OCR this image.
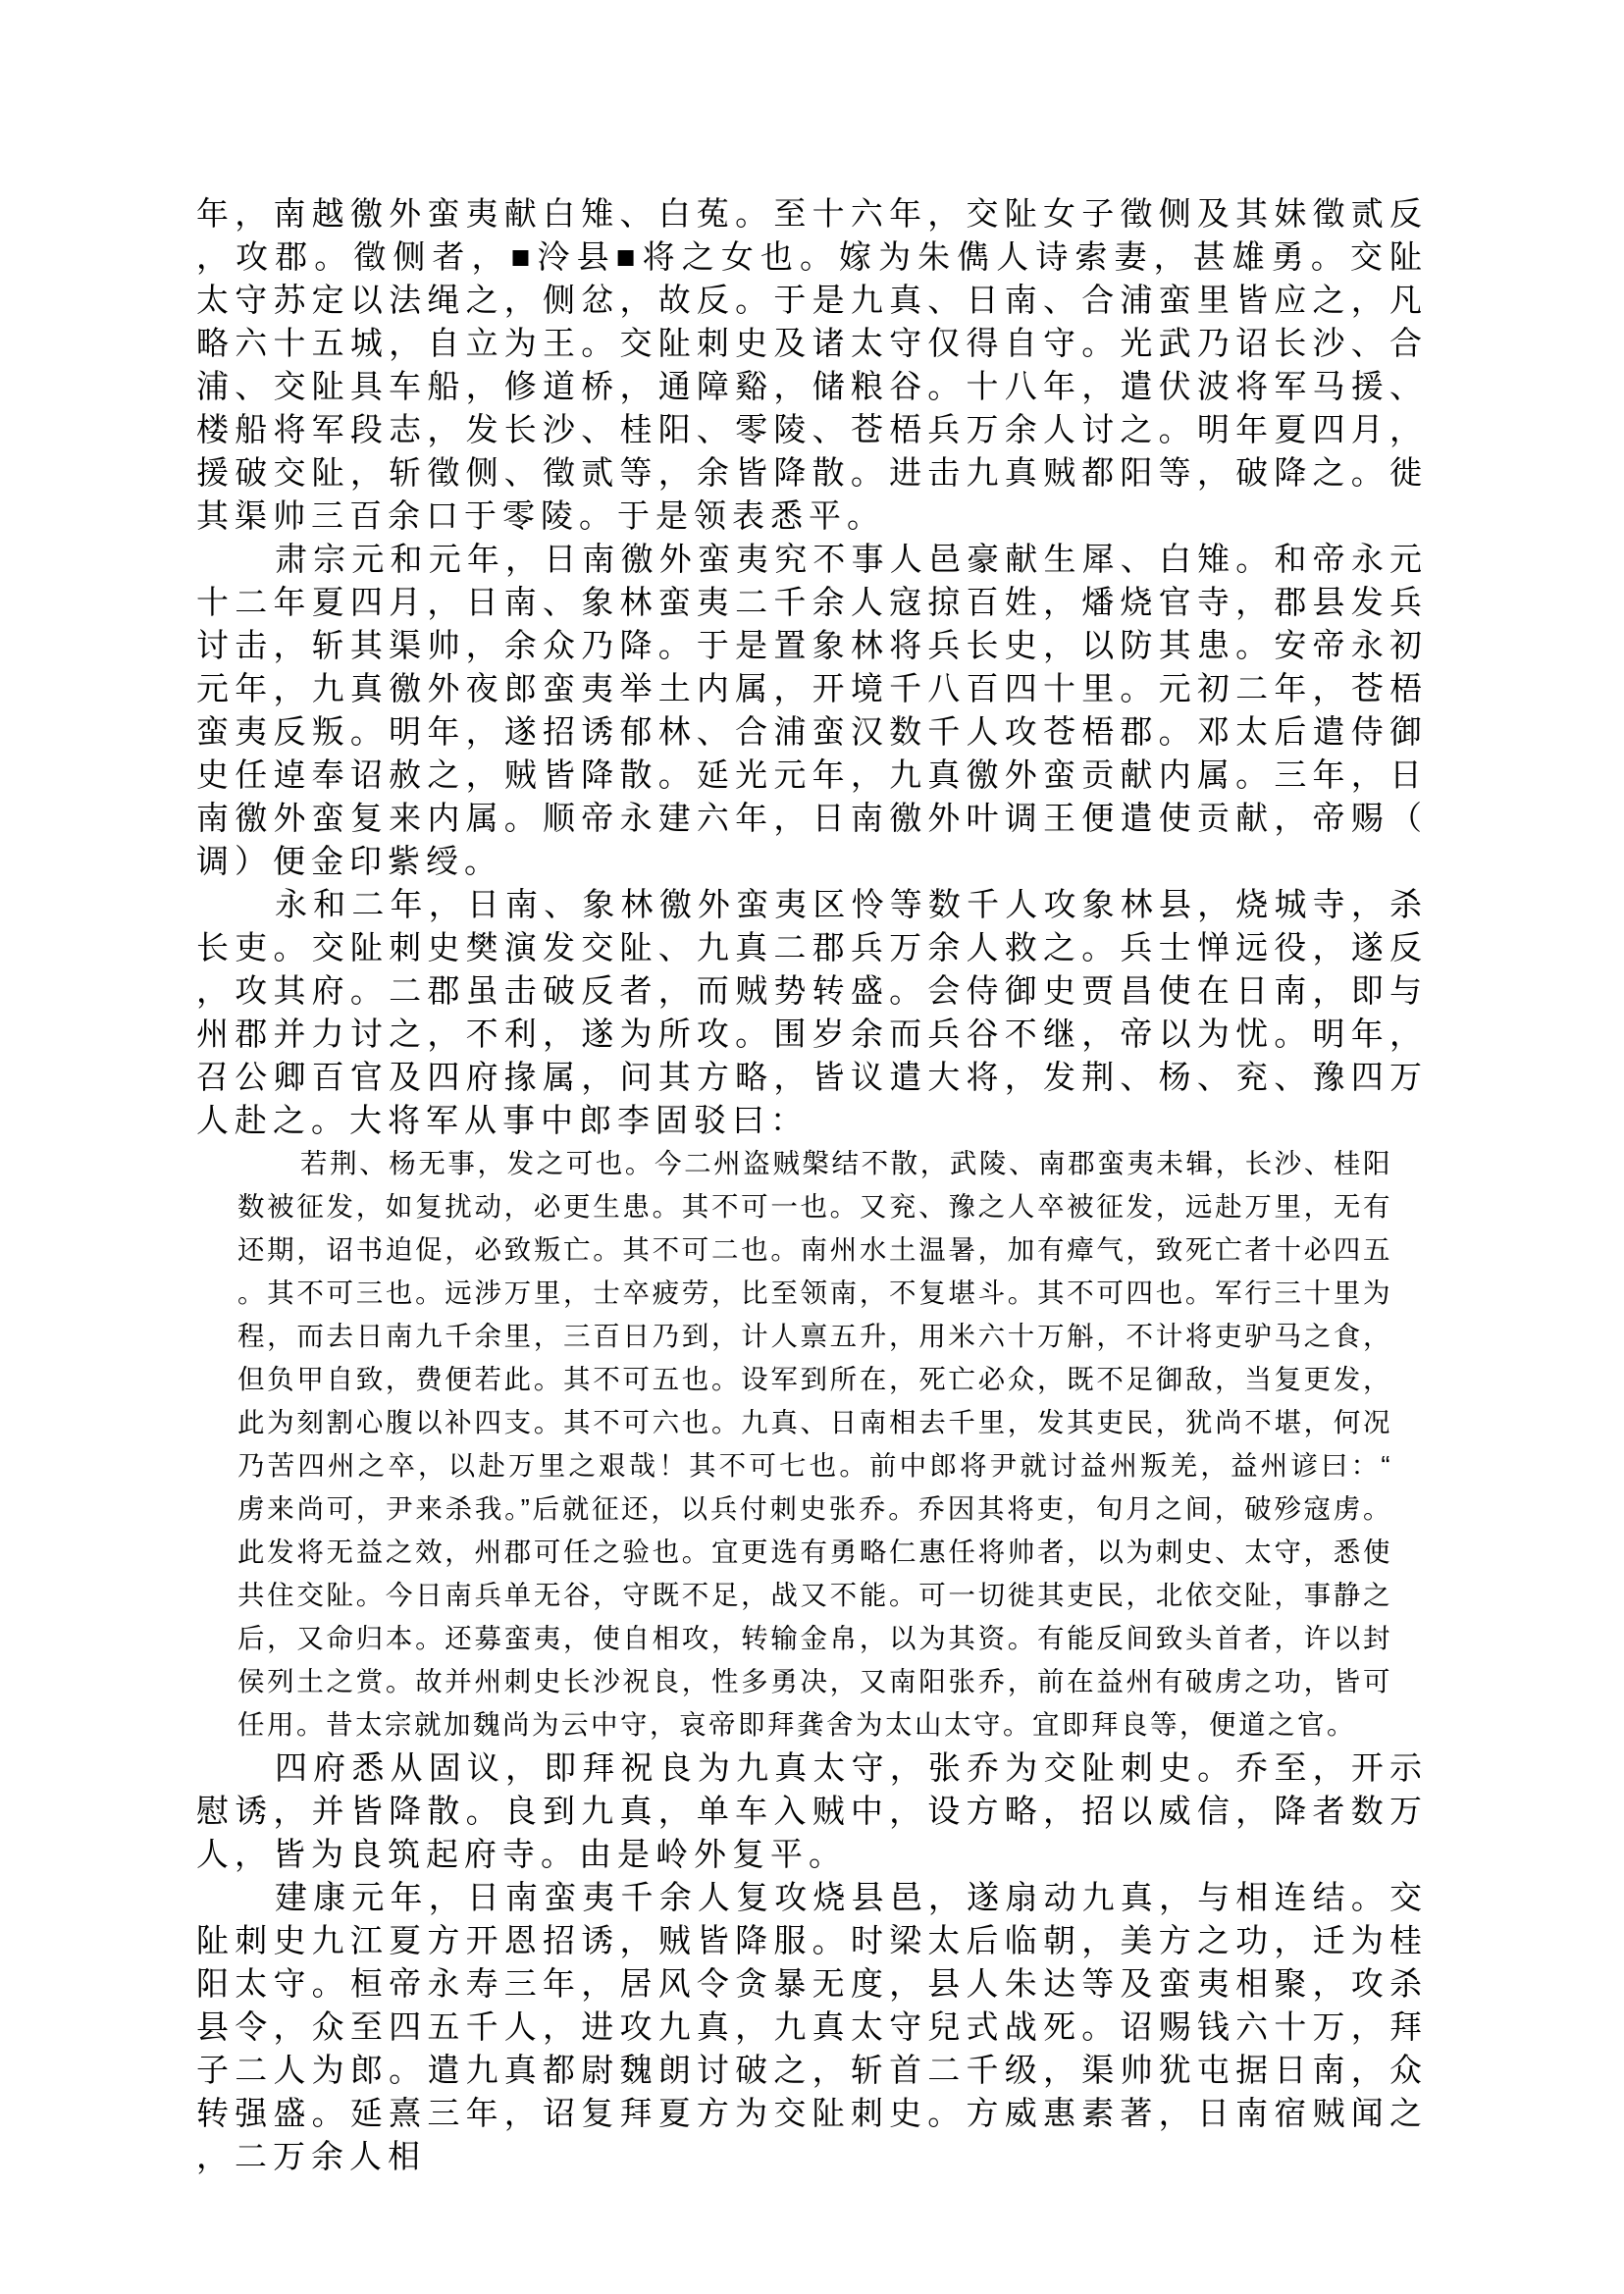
年，南越徼外蛮夷献白雉、白菟。至十六年，交阯女子徵侧及其妹徵贰反，攻郡。徵侧者，■泠县■将之女也。嫁为朱儁人诗索妻，甚雄勇。交阯太守苏定以法绳之，侧忿，故反。于是九真、日南、合浦蛮里皆应之，凡略六十五城，自立为王。交阯刺史及诸太守仅得自守。光武乃诏长沙、合浦、交阯具车船，修道桥，通障谿，储粮谷。十八年，遣伏波将军马援、楼船将军段志，发长沙、桂阳、零陵、苍梧兵万余人讨之。明年夏四月，援破交阯，斩徵侧、徵贰等，余皆降散。进击九真贼都阳等，破降之。徙其渠帅三百余口于零陵。于是领表悉平。

肃宗元和元年，日南徼外蛮夷究不事人邑豪献生犀、白雉。和帝永元十二年夏四月，日南、象林蛮夷二千余人寇掠百姓，燔烧官寺，郡县发兵讨击，斩其渠帅，余众乃降。于是置象林将兵长史，以防其患。安帝永初元年，九真徼外夜郎蛮夷举土内属，开境千八百四十里。元初二年，苍梧蛮夷反叛。明年，遂招诱郁林、合浦蛮汉数千人攻苍梧郡。邓太后遣侍御史任逴奉诏赦之，贼皆降散。延光元年，九真徼外蛮贡献内属。三年，日南徼外蛮复来内属。顺帝永建六年，日南徼外叶调王便遣使贡献，帝赐（调）便金印紫绶。

永和二年，日南、象林徼外蛮夷区怜等数千人攻象林县，烧城寺，杀长吏。交阯刺史樊演发交阯、九真二郡兵万余人救之。兵士惮远役，遂反，攻其府。二郡虽击破反者，而贼势转盛。会侍御史贾昌使在日南，即与州郡并力讨之，不利，遂为所攻。围岁余而兵谷不继，帝以为忧。明年，召公卿百官及四府掾属，问其方略，皆议遣大将，发荆、杨、兖、豫四万人赴之。大将军从事中郎李固驳曰：

若荆、杨无事，发之可也。今二州盗贼槃结不散，武陵、南郡蛮夷未辑，长沙、桂阳数被征发，如复扰动，必更生患。其不可一也。又兖、豫之人卒被征发，远赴万里，无有还期，诏书迫促，必致叛亡。其不可二也。南州水土温暑，加有瘴气，致死亡者十必四五。其不可三也。远涉万里，士卒疲劳，比至领南，不复堪斗。其不可四也。军行三十里为程，而去日南九千余里，三百日乃到，计人禀五升，用米六十万斛，不计将吏驴马之食，但负甲自致，费便若此。其不可五也。设军到所在，死亡必众，既不足御敌，当复更发，此为刻割心腹以补四支。其不可六也。九真、日南相去千里，发其吏民，犹尚不堪，何况乃苦四州之卒，以赴万里之艰哉！其不可七也。前中郎将尹就讨益州叛羌，益州谚曰：“虏来尚可，尹来杀我。”后就征还，以兵付刺史张乔。乔因其将吏，旬月之间，破殄寇虏。此发将无益之效，州郡可任之验也。宜更选有勇略仁惠任将帅者，以为刺史、太守，悉使共住交阯。今日南兵单无谷，守既不足，战又不能。可一切徙其吏民，北依交阯，事静之后，又命归本。还募蛮夷，使自相攻，转输金帛，以为其资。有能反间致头首者，许以封侯列土之赏。故并州刺史长沙祝良，性多勇决，又南阳张乔，前在益州有破虏之功，皆可任用。昔太宗就加魏尚为云中守，哀帝即拜龚舍为太山太守。宜即拜良等，便道之官。

四府悉从固议，即拜祝良为九真太守，张乔为交阯刺史。乔至，开示慰诱，并皆降散。良到九真，单车入贼中，设方略，招以威信，降者数万人，皆为良筑起府寺。由是岭外复平。

建康元年，日南蛮夷千余人复攻烧县邑，遂扇动九真，与相连结。交阯刺史九江夏方开恩招诱，贼皆降服。时梁太后临朝，美方之功，迁为桂阳太守。桓帝永寿三年，居风令贪暴无度，县人朱达等及蛮夷相聚，攻杀县令，众至四五千人，进攻九真，九真太守兒式战死。诏赐钱六十万，拜子二人为郎。遣九真都尉魏朗讨破之，斩首二千级，渠帅犹屯据日南，众转强盛。延熹三年，诏复拜夏方为交阯刺史。方威惠素著，日南宿贼闻之，二万余人相
